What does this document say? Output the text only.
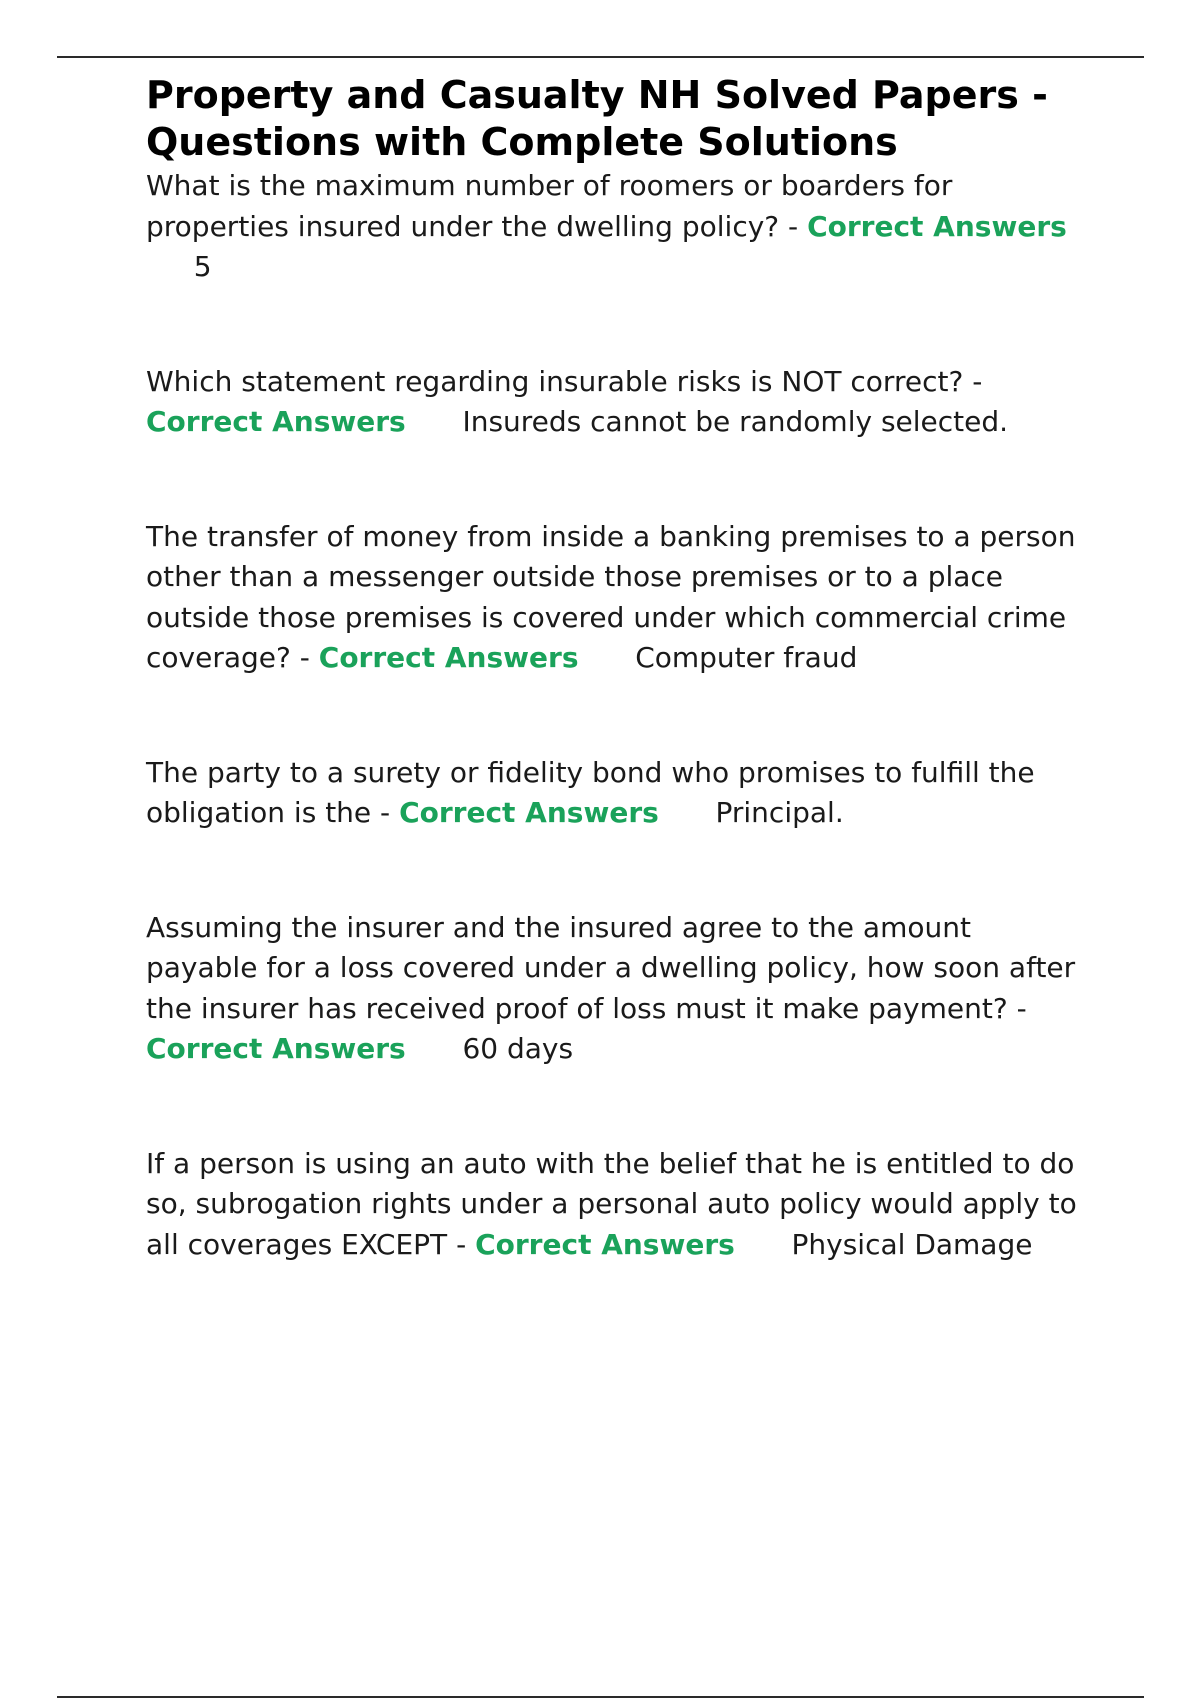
Property and Casualty NH Solved Papers - Questions with Complete Solutions
What is the maximum number of roomers or boarders for properties insured under the dwelling policy? - Correct Answers 5
Which statement regarding insurable risks is NOT correct? - Correct Answers Insureds cannot be randomly selected.
The transfer of money from inside a banking premises to a person other than a messenger outside those premises or to a place outside those premises is covered under which commercial crime coverage? - Correct Answers Computer fraud
The party to a surety or fidelity bond who promises to fulfill the obligation is the - Correct Answers Principal.
Assuming the insurer and the insured agree to the amount payable for a loss covered under a dwelling policy, how soon after the insurer has received proof of loss must it make payment? - Correct Answers 60 days
If a person is using an auto with the belief that he is entitled to do so, subrogation rights under a personal auto policy would apply to all coverages EXCEPT - Correct Answers Physical Damage
